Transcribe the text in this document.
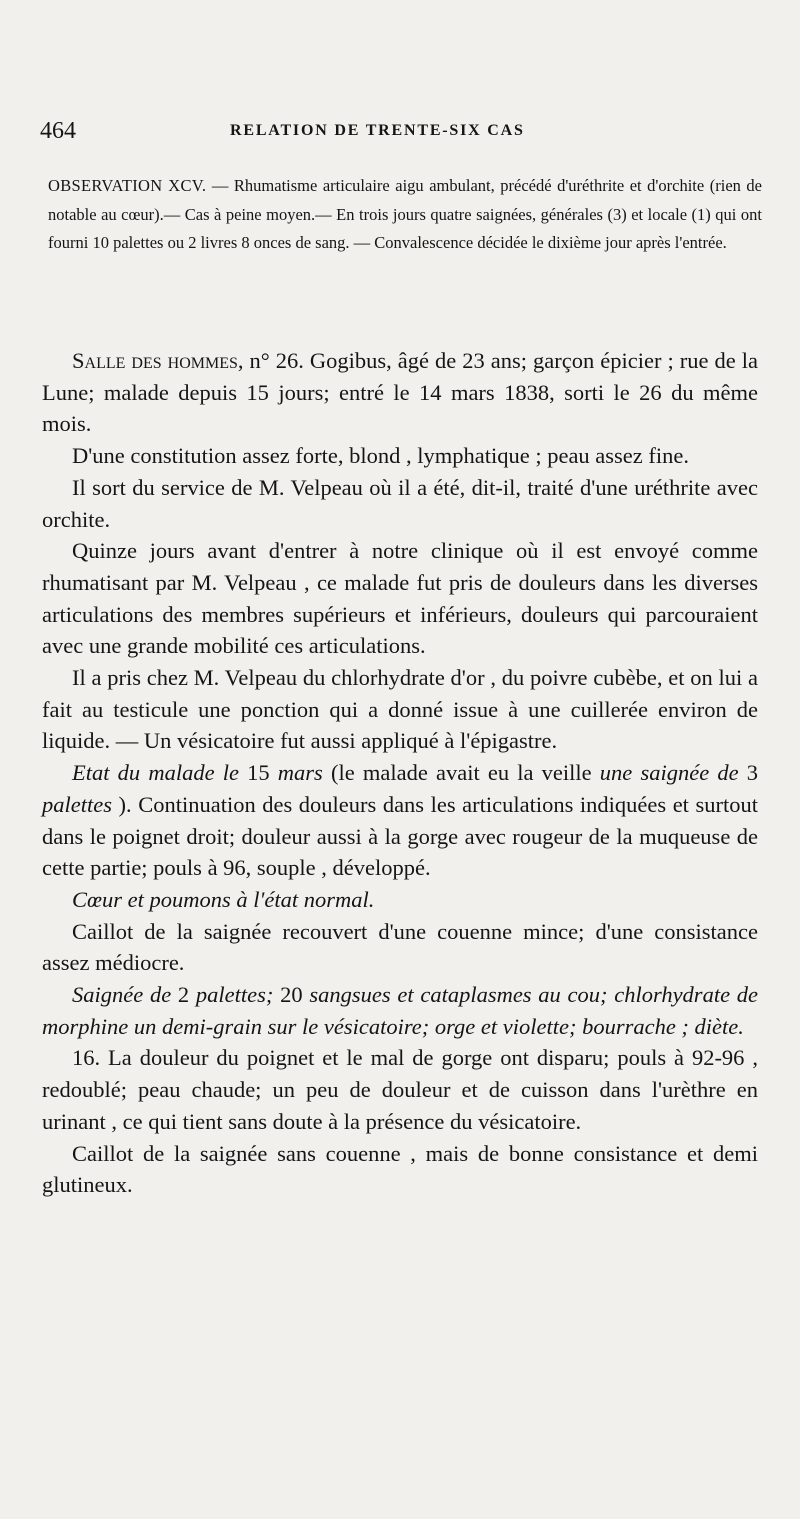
464	RELATION DE TRENTE-SIX CAS
OBSERVATION XCV. — Rhumatisme articulaire aigu ambulant, précédé d'uréthrite et d'orchite (rien de notable au cœur).— Cas à peine moyen.— En trois jours quatre saignées, générales (3) et locale (1) qui ont fourni 10 palettes ou 2 livres 8 onces de sang. — Convalescence décidée le dixième jour après l'entrée.

Salle des hommes, n° 26. Gogibus, âgé de 23 ans; garçon épicier ; rue de la Lune; malade depuis 15 jours; entré le 14 mars 1838, sorti le 26 du même mois.

D'une constitution assez forte, blond , lymphatique ; peau assez fine.

Il sort du service de M. Velpeau où il a été, dit-il, traité d'une uréthrite avec orchite.

Quinze jours avant d'entrer à notre clinique où il est envoyé comme rhumatisant par M. Velpeau , ce malade fut pris de douleurs dans les diverses articulations des membres supérieurs et inférieurs, douleurs qui parcouraient avec une grande mobilité ces articulations.

Il a pris chez M. Velpeau du chlorhydrate d'or , du poivre cubèbe, et on lui a fait au testicule une ponction qui a donné issue à une cuillerée environ de liquide. — Un vésicatoire fut aussi appliqué à l'épigastre.

Etat du malade le 15 mars (le malade avait eu la veille une saignée de 3 palettes ). Continuation des douleurs dans les articulations indiquées et surtout dans le poignet droit; douleur aussi à la gorge avec rougeur de la muqueuse de cette partie; pouls à 96, souple , développé.

Cœur et poumons à l'état normal.

Caillot de la saignée recouvert d'une couenne mince; d'une consistance assez médiocre.

Saignée de 2 palettes; 20 sangsues et cataplasmes au cou; chlorhydrate de morphine un demi-grain sur le vésicatoire; orge et violette; bourrache ; diète.

16. La douleur du poignet et le mal de gorge ont disparu; pouls à 92-96 , redoublé; peau chaude; un peu de douleur et de cuisson dans l'urèthre en urinant , ce qui tient sans doute à la présence du vésicatoire.

Caillot de la saignée sans couenne , mais de bonne consistance et demi glutineux.
